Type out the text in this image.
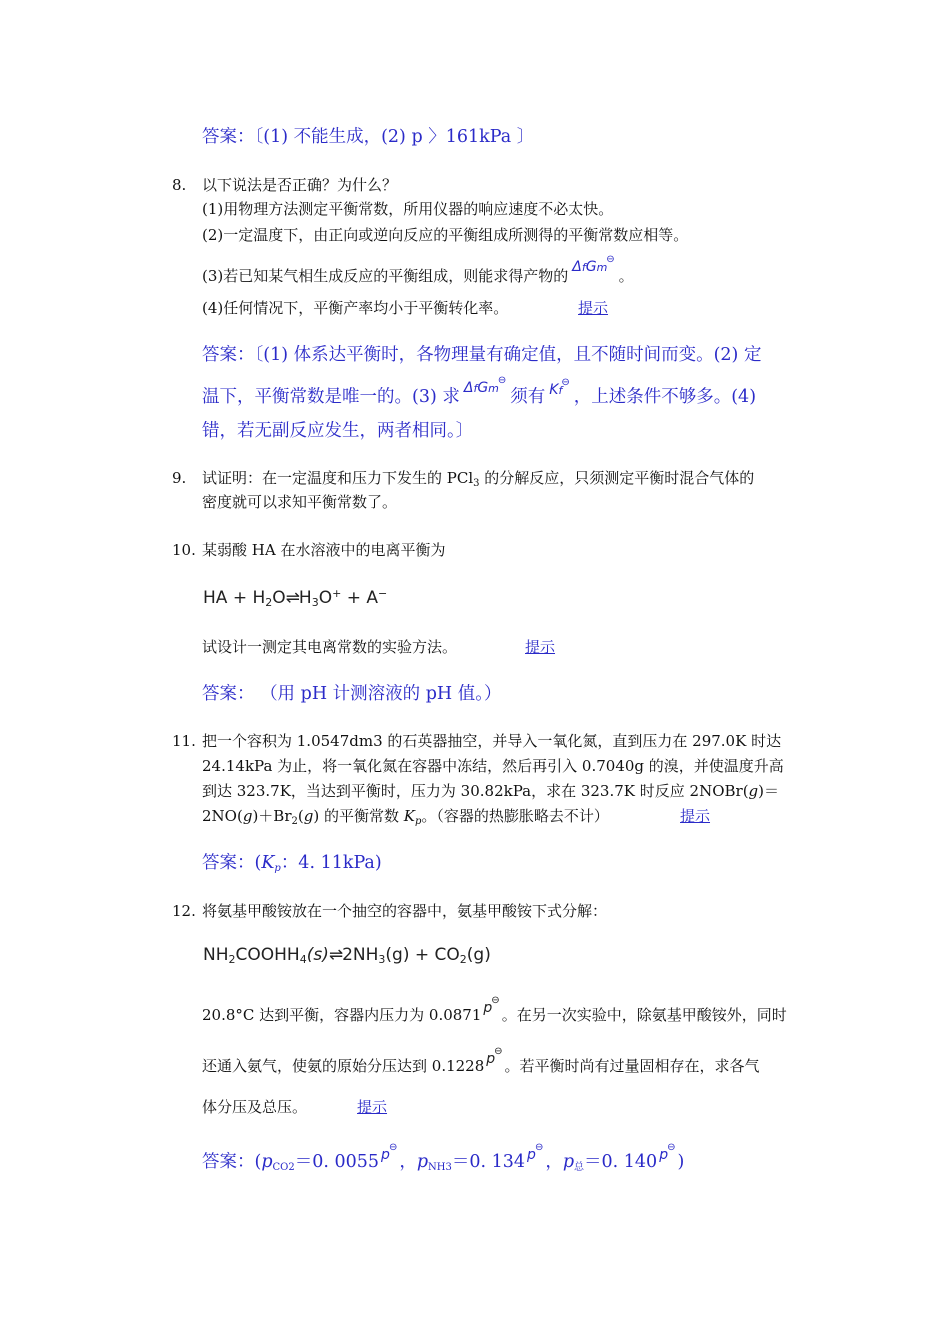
答案：〔(1) 不能生成，(2) p 〉161kPa 〕
8. 以下说法是否正确？为什么？
(1)用物理方法测定平衡常数，所用仪器的响应速度不必太快。
(2)一定温度下，由正向或逆向反应的平衡组成所测得的平衡常数应相等。
(3)若已知某气相生成反应的平衡组成，则能求得产物的 ΔfGm⊖。
(4)任何情况下，平衡产率均小于平衡转化率。	提示
答案：〔(1) 体系达平衡时，各物理量有确定值，且不随时间而变。(2) 定
温下，平衡常数是唯一的。(3) 求 ΔfGm⊖须有 Kf⊖，上述条件不够多。(4)
错，若无副反应发生，两者相同。〕
9. 试证明：在一定温度和压力下发生的 PCl$_3$ 的分解反应，只须测定平衡时混合气体的
密度就可以求知平衡常数了。
10. 某弱酸 HA 在水溶液中的电离平衡为
HA + H2O⇌H3O+ + A−
试设计一测定其电离常数的实验方法。	提示
答案： （用 pH 计测溶液的 pH 值。）
11. 把一个容积为 1.0547dm3 的石英器抽空，并导入一氧化氮，直到压力在 297.0K 时达
24.14kPa 为止，将一氧化氮在容器中冻结，然后再引入 0.7040g 的溴，并使温度升高
到达 323.7K，当达到平衡时，压力为 30.82kPa，求在 323.7K 时反应 2NOBr(g)＝
$2NO(g)+Br_2(g)$ 的平衡常数 $K_p$。（容器的热膨胀略去不计）	提示
答案：($K_p$：4. 11kPa)
12. 将氨基甲酸铵放在一个抽空的容器中，氨基甲酸铵下式分解：
NH2COOHH4(s)⇌2NH3(g) + CO2(g)
20.8°C 达到平衡，容器内压力为 0.0871 p⊖。在另一次实验中，除氨基甲酸铵外，同时
还通入氨气，使氨的原始分压达到 0.1228 p⊖。若平衡时尚有过量固相存在，求各气
体分压及总压。	提示
答案：($p_{CO2}=0$. 0055 p⊖，$p_{NH3}=0$. 134 p⊖，$p_总=0$. 140 p⊖)
